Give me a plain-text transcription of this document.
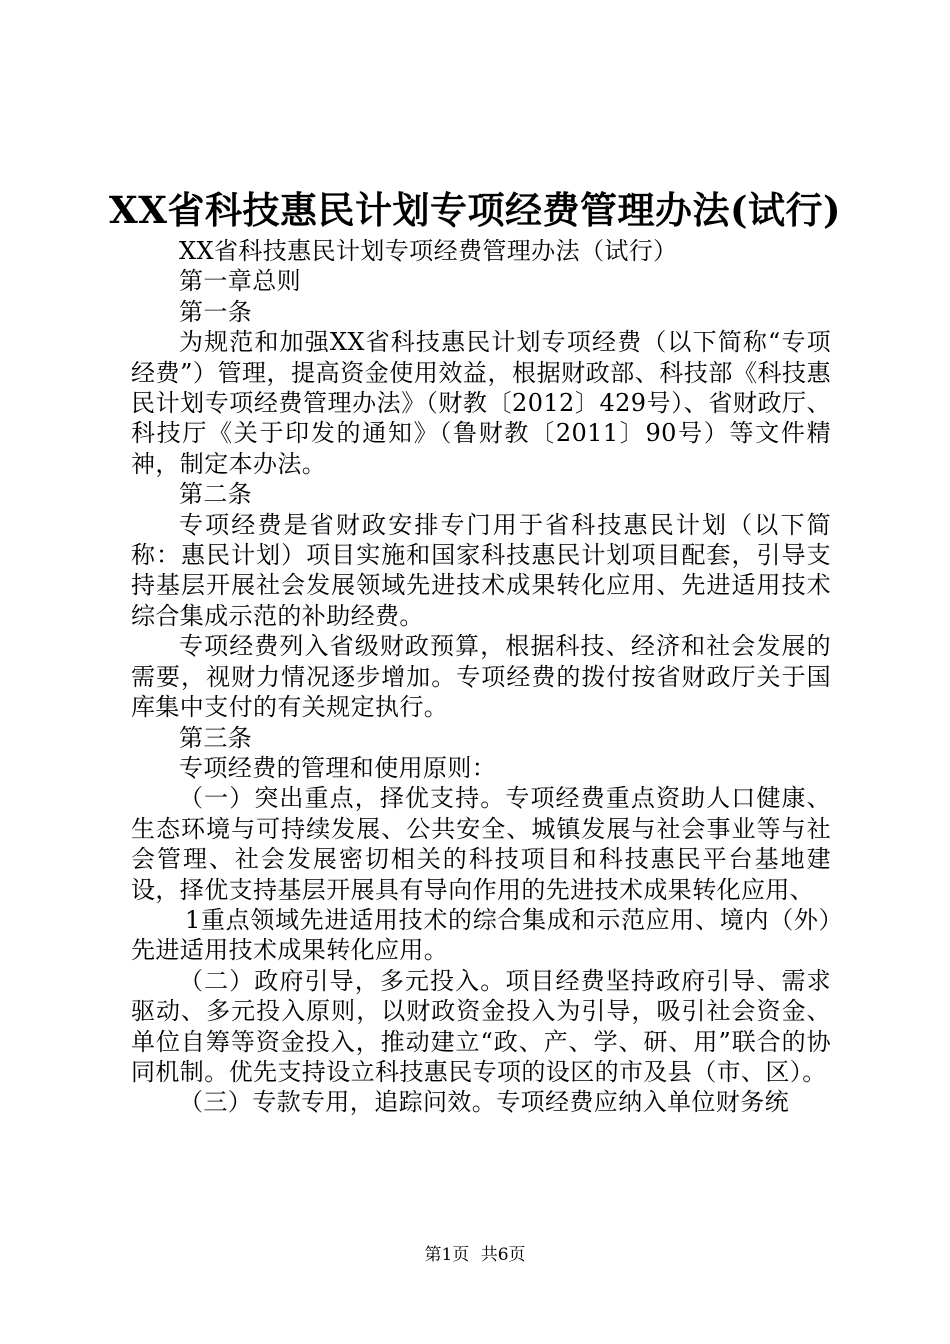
XX省科技惠民计划专项经费管理办法(试行)

XX省科技惠民计划专项经费管理办法（试行）

第一章总则

第一条

为规范和加强XX省科技惠民计划专项经费（以下简称“专项经费”）管理，提高资金使用效益，根据财政部、科技部《科技惠民计划专项经费管理办法》（财教〔2012〕429号）、省财政厅、科技厅《关于印发的通知》（鲁财教〔2011〕90号）等文件精神，制定本办法。

第二条

专项经费是省财政安排专门用于省科技惠民计划（以下简称：惠民计划）项目实施和国家科技惠民计划项目配套，引导支持基层开展社会发展领域先进技术成果转化应用、先进适用技术综合集成示范的补助经费。

专项经费列入省级财政预算，根据科技、经济和社会发展的需要，视财力情况逐步增加。专项经费的拨付按省财政厅关于国库集中支付的有关规定执行。

第三条

专项经费的管理和使用原则：

（一）突出重点，择优支持。专项经费重点资助人口健康、生态环境与可持续发展、公共安全、城镇发展与社会事业等与社会管理、社会发展密切相关的科技项目和科技惠民平台基地建设，择优支持基层开展具有导向作用的先进技术成果转化应用、

1重点领域先进适用技术的综合集成和示范应用、境内（外）先进适用技术成果转化应用。

（二）政府引导，多元投入。项目经费坚持政府引导、需求驱动、多元投入原则，以财政资金投入为引导，吸引社会资金、单位自筹等资金投入，推动建立“政、产、学、研、用”联合的协同机制。优先支持设立科技惠民专项的设区的市及县（市、区）。

（三）专款专用，追踪问效。专项经费应纳入单位财务统

第1页 共6页
